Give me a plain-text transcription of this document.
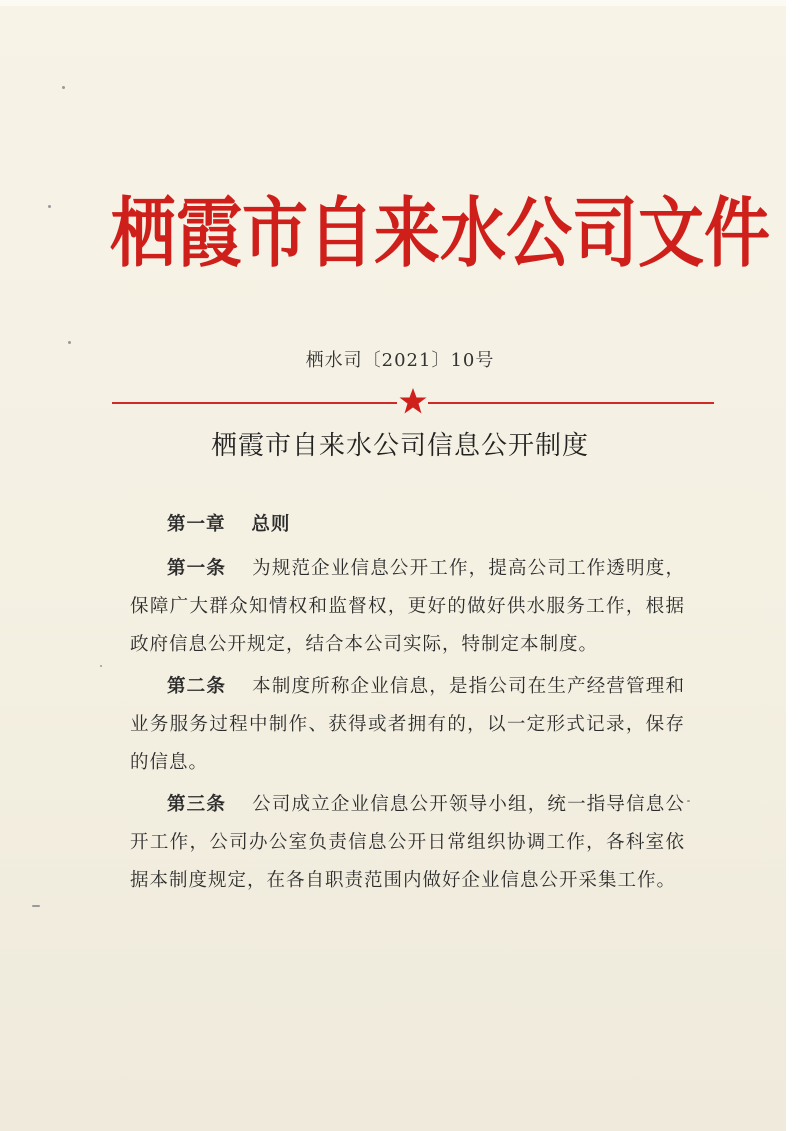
栖 霞 市 自 来 水 公 司 文 件
栖水司〔2021〕10号
栖霞市自来水公司信息公开制度

第一章 总则

第一条 为规范企业信息公开工作，提高公司工作透明度，保障广大群众知情权和监督权，更好的做好供水服务工作，根据政府信息公开规定，结合本公司实际，特制定本制度。

第二条 本制度所称企业信息，是指公司在生产经营管理和业务服务过程中制作、获得或者拥有的，以一定形式记录，保存的信息。

第三条 公司成立企业信息公开领导小组，统一指导信息公开工作，公司办公室负责信息公开日常组织协调工作，各科室依据本制度规定，在各自职责范围内做好企业信息公开采集工作。
